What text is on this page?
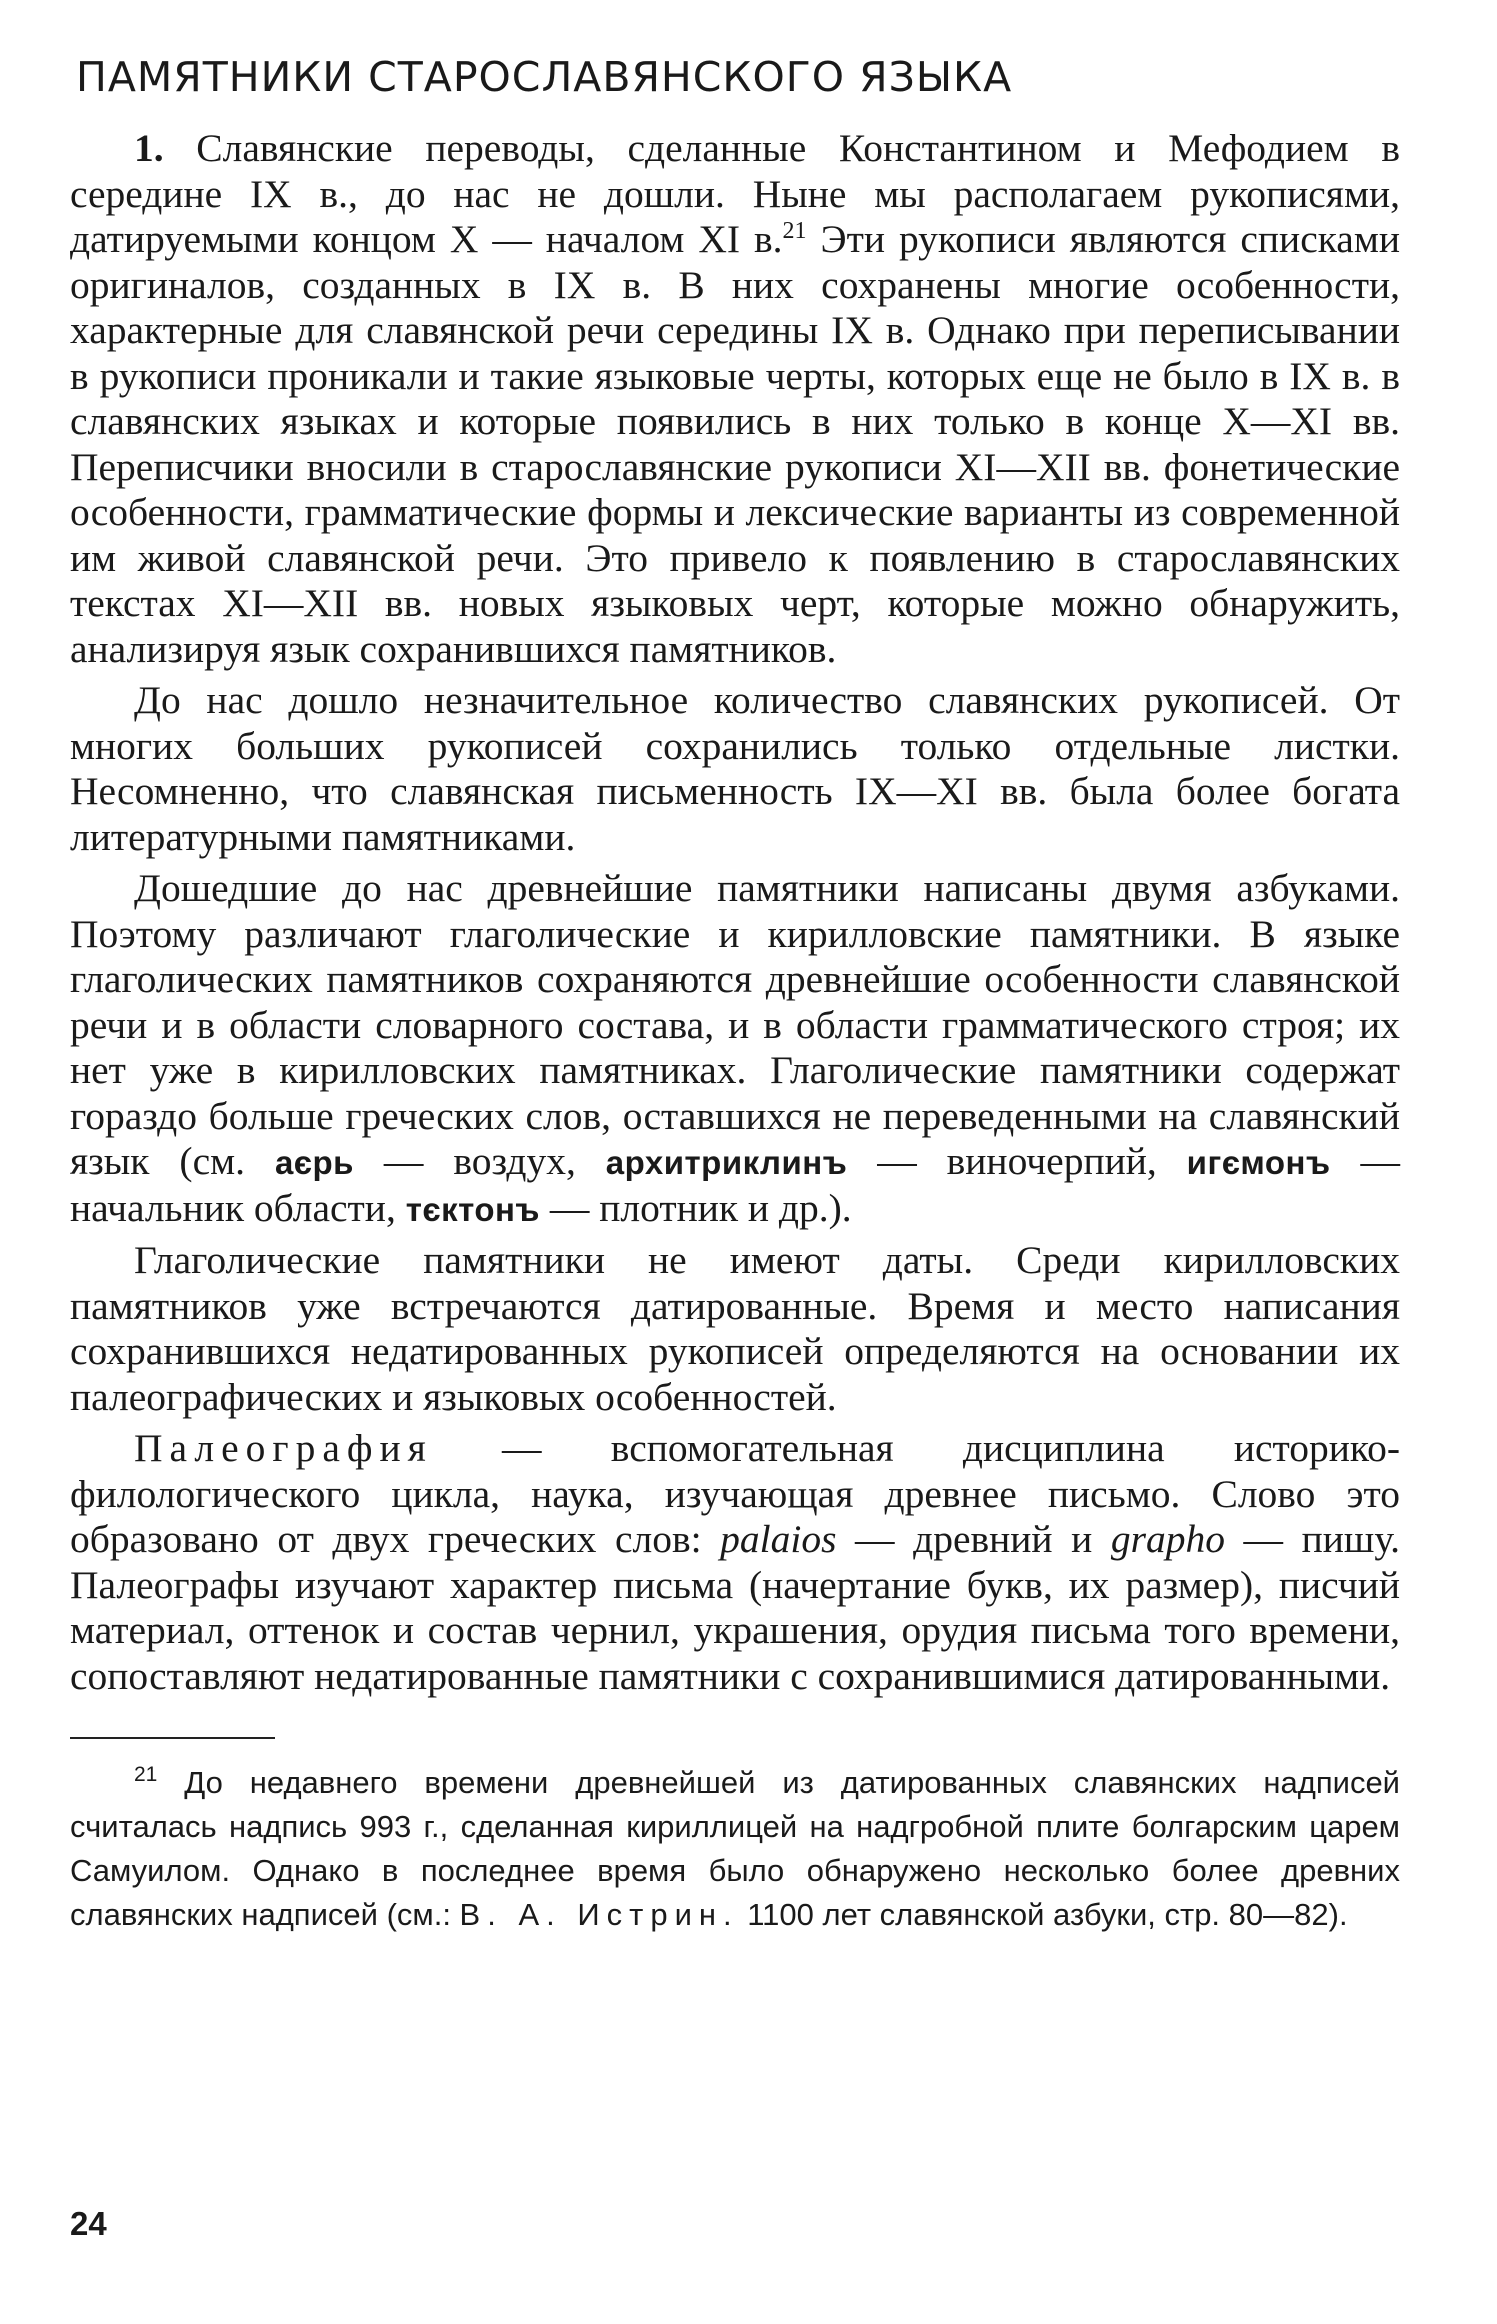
ПАМЯТНИКИ СТАРОСЛАВЯНСКОГО ЯЗЫКА

1. Славянские переводы, сделанные Константином и Мефодием в середине IX в., до нас не дошли. Ныне мы располагаем рукописями, датируемыми концом X — началом XI в.$^{21}$ Эти рукописи являются списками оригиналов, созданных в IX в. В них сохранены многие особенности, характерные для славянской речи середины IX в. Однако при переписывании в рукописи проникали и такие языковые черты, которых еще не было в IX в. в славянских языках и которые появились в них только в конце X—XI вв. Переписчики вносили в старославянские рукописи XI—XII вв. фонетические особенности, грамматические формы и лексические варианты из современной им живой славянской речи. Это привело к появлению в старославянских текстах XI—XII вв. новых языковых черт, которые можно обнаружить, анализируя язык сохранившихся памятников.

До нас дошло незначительное количество славянских рукописей. От многих больших рукописей сохранились только отдельные листки. Несомненно, что славянская письменность IX—XI вв. была более богата литературными памятниками.

Дошедшие до нас древнейшие памятники написаны двумя азбуками. Поэтому различают глаголические и кирилловские памятники. В языке глаголических памятников сохраняются древнейшие особенности славянской речи и в области словарного состава, и в области грамматического строя; их нет уже в кирилловских памятниках. Глаголические памятники содержат гораздо больше греческих слов, оставшихся не переведенными на славянский язык (см. аєрь — воздух, архитриклинъ — виночерпий, игємонъ — начальник области, тєктонъ — плотник и др.).

Глаголические памятники не имеют даты. Среди кирилловских памятников уже встречаются датированные. Время и место написания сохранившихся недатированных рукописей определяются на основании их палеографических и языковых особенностей.

Палеография — вспомогательная дисциплина историко-филологического цикла, наука, изучающая древнее письмо. Слово это образовано от двух греческих слов: palaios — древний и grapho — пишу. Палеографы изучают характер письма (начертание букв, их размер), писчий материал, оттенок и состав чернил, украшения, орудия письма того времени, сопоставляют недатированные памятники с сохранившимися датированными.

$^{21}$ До недавнего времени древнейшей из датированных славянских надписей считалась надпись 993 г., сделанная кириллицей на надгробной плите болгарским царем Самуилом. Однако в последнее время было обнаружено несколько более древних славянских надписей (см.: В. А. Истрин. 1100 лет славянской азбуки, стр. 80—82).

24
